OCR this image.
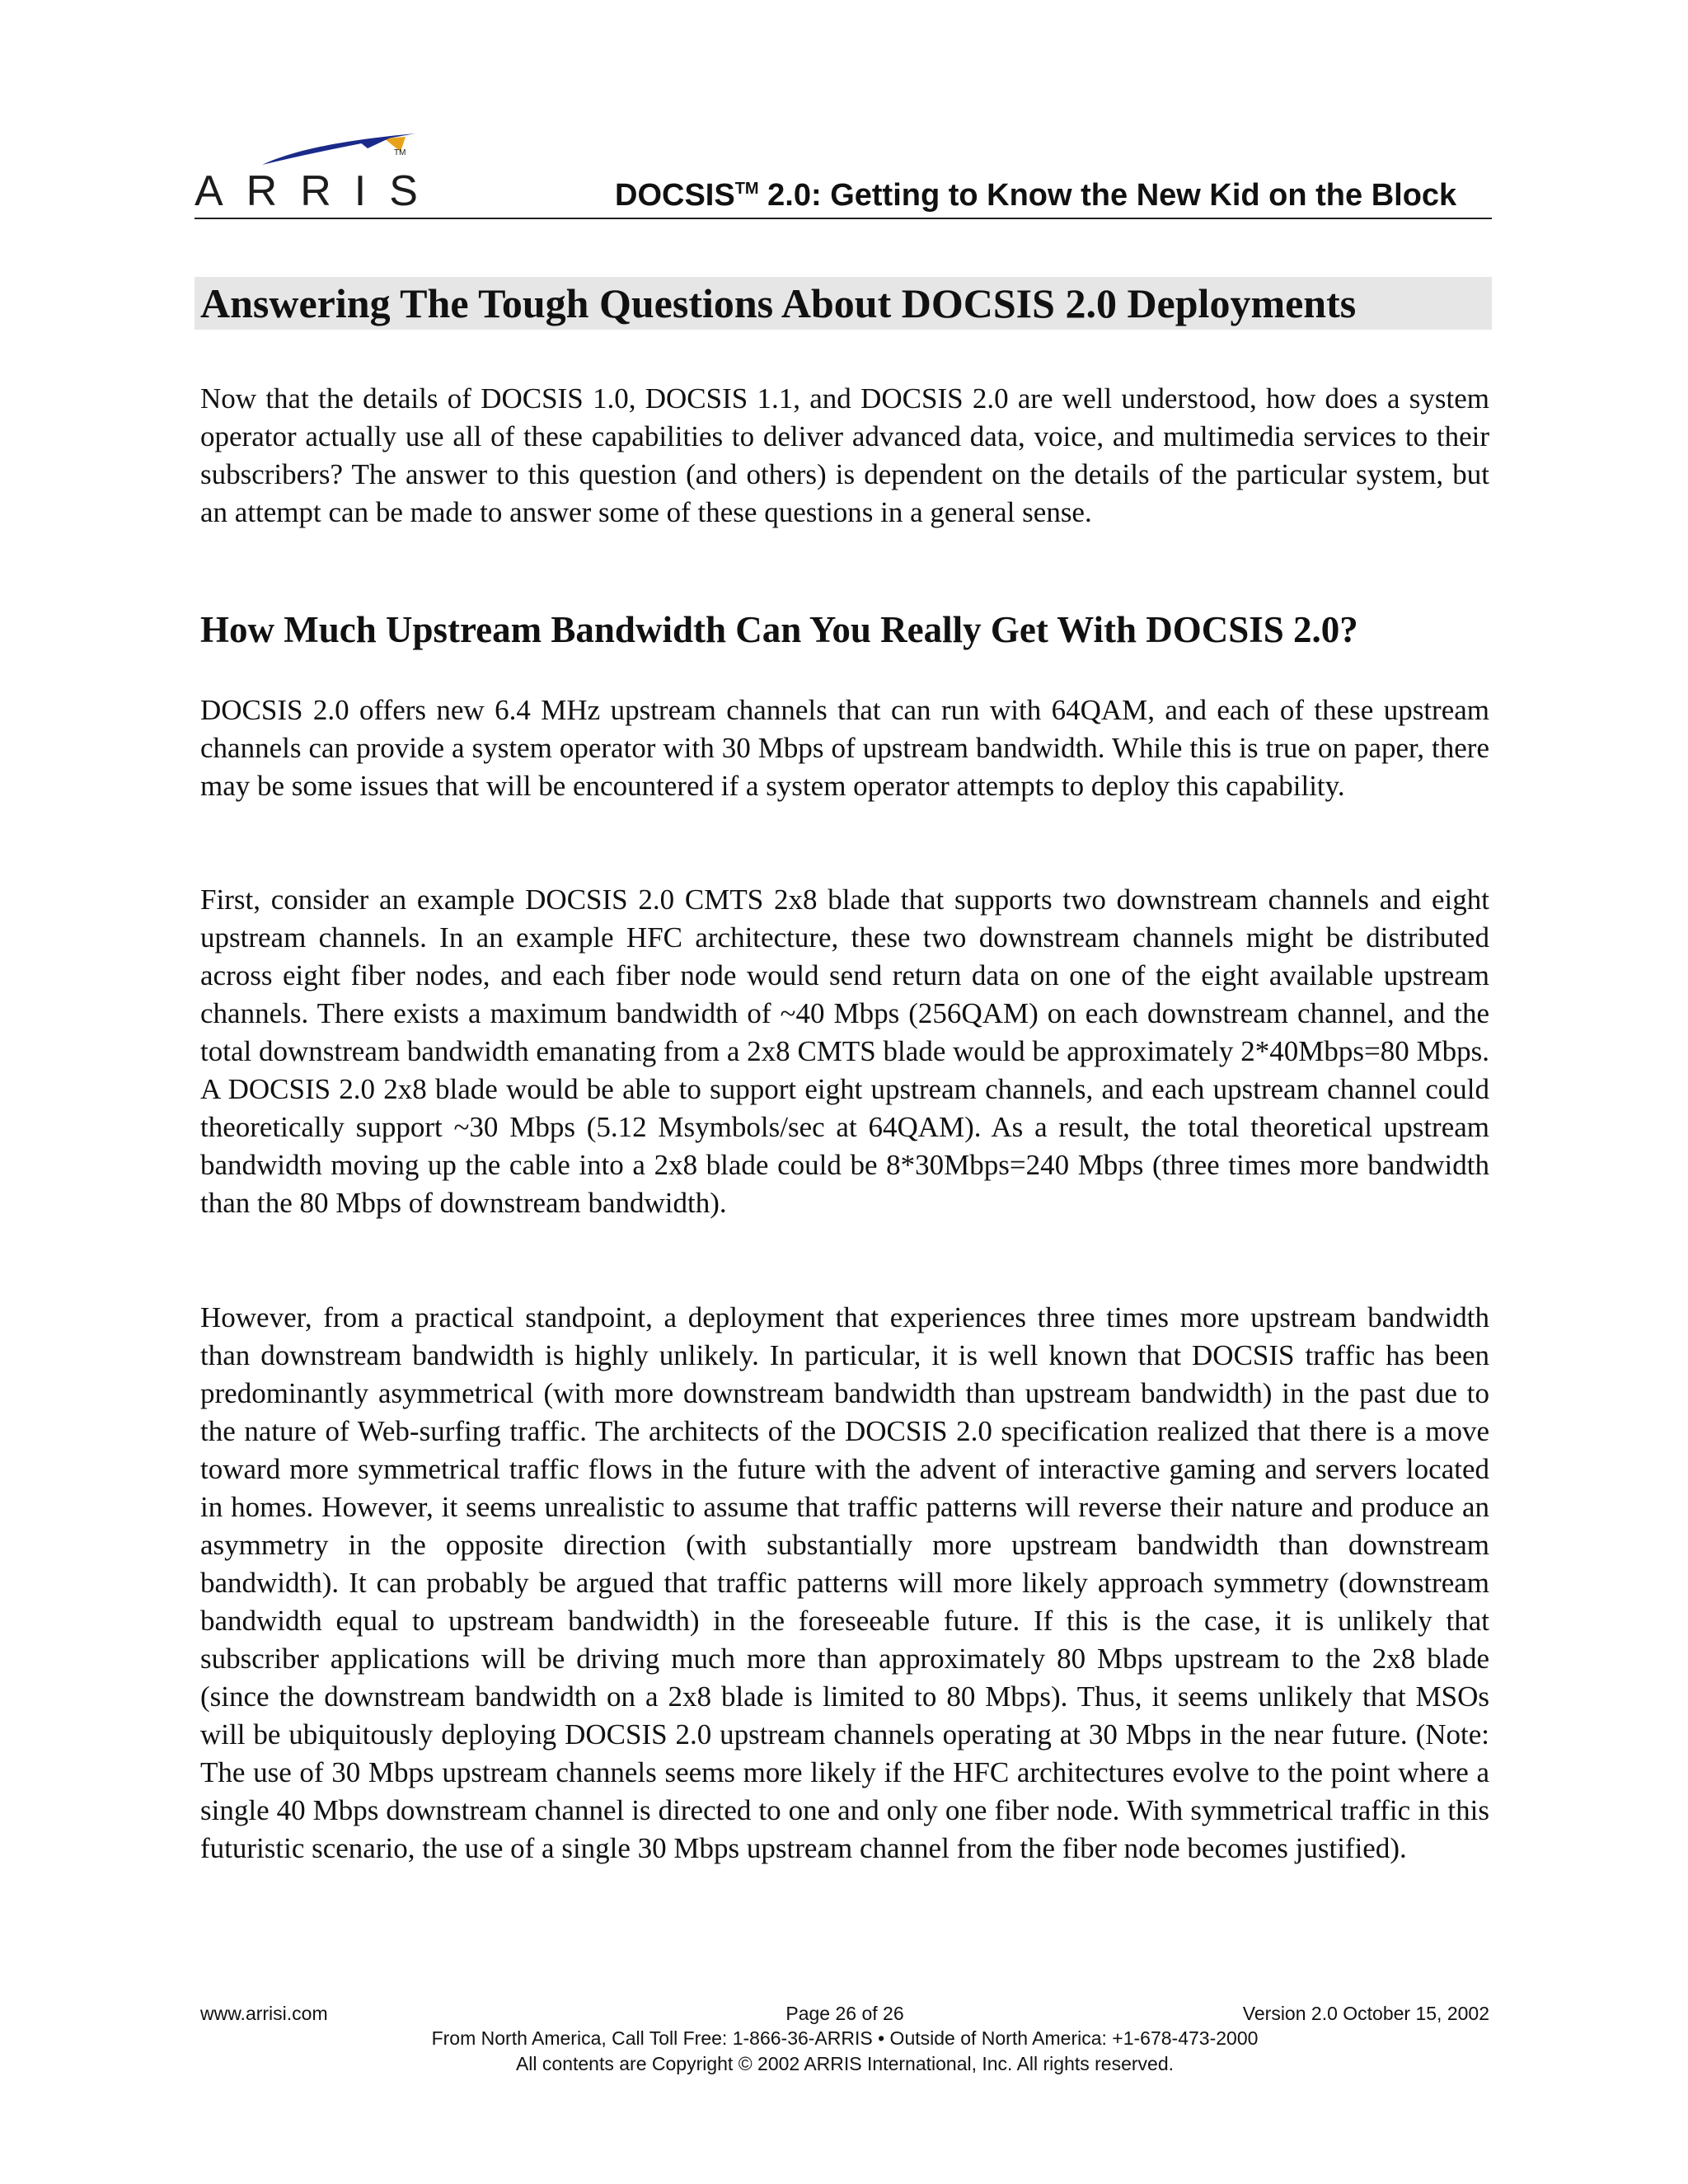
TM
ARRIS	DOCSIS™ 2.0: Getting to Know the New Kid on the Block
Answering The Tough Questions About DOCSIS 2.0 Deployments

Now that the details of DOCSIS 1.0, DOCSIS 1.1, and DOCSIS 2.0 are well understood, how does a system operator actually use all of these capabilities to deliver advanced data, voice, and multimedia services to their subscribers? The answer to this question (and others) is dependent on the details of the particular system, but an attempt can be made to answer some of these questions in a general sense.

How Much Upstream Bandwidth Can You Really Get With DOCSIS 2.0?

DOCSIS 2.0 offers new 6.4 MHz upstream channels that can run with 64QAM, and each of these upstream channels can provide a system operator with 30 Mbps of upstream bandwidth. While this is true on paper, there may be some issues that will be encountered if a system operator attempts to deploy this capability.

First, consider an example DOCSIS 2.0 CMTS 2x8 blade that supports two downstream channels and eight upstream channels. In an example HFC architecture, these two downstream channels might be distributed across eight fiber nodes, and each fiber node would send return data on one of the eight available upstream channels. There exists a maximum bandwidth of ~40 Mbps (256QAM) on each downstream channel, and the total downstream bandwidth emanating from a 2x8 CMTS blade would be approximately 2*40Mbps=80 Mbps. A DOCSIS 2.0 2x8 blade would be able to support eight upstream channels, and each upstream channel could theoretically support ~30 Mbps (5.12 Msymbols/sec at 64QAM). As a result, the total theoretical upstream bandwidth moving up the cable into a 2x8 blade could be 8*30Mbps=240 Mbps (three times more bandwidth than the 80 Mbps of downstream bandwidth).

However, from a practical standpoint, a deployment that experiences three times more upstream bandwidth than downstream bandwidth is highly unlikely. In particular, it is well known that DOCSIS traffic has been predominantly asymmetrical (with more downstream bandwidth than upstream bandwidth) in the past due to the nature of Web-surfing traffic. The architects of the DOCSIS 2.0 specification realized that there is a move toward more symmetrical traffic flows in the future with the advent of interactive gaming and servers located in homes. However, it seems unrealistic to assume that traffic patterns will reverse their nature and produce an asymmetry in the opposite direction (with substantially more upstream bandwidth than downstream bandwidth). It can probably be argued that traffic patterns will more likely approach symmetry (downstream bandwidth equal to upstream bandwidth) in the foreseeable future. If this is the case, it is unlikely that subscriber applications will be driving much more than approximately 80 Mbps upstream to the 2x8 blade (since the downstream bandwidth on a 2x8 blade is limited to 80 Mbps). Thus, it seems unlikely that MSOs will be ubiquitously deploying DOCSIS 2.0 upstream channels operating at 30 Mbps in the near future. (Note: The use of 30 Mbps upstream channels seems more likely if the HFC architectures evolve to the point where a single 40 Mbps downstream channel is directed to one and only one fiber node. With symmetrical traffic in this futuristic scenario, the use of a single 30 Mbps upstream channel from the fiber node becomes justified).

www.arrisi.com	Page 26 of 26	Version 2.0 October 15, 2002
From North America, Call Toll Free: 1-866-36-ARRIS • Outside of North America: +1-678-473-2000
All contents are Copyright © 2002 ARRIS International, Inc. All rights reserved.
